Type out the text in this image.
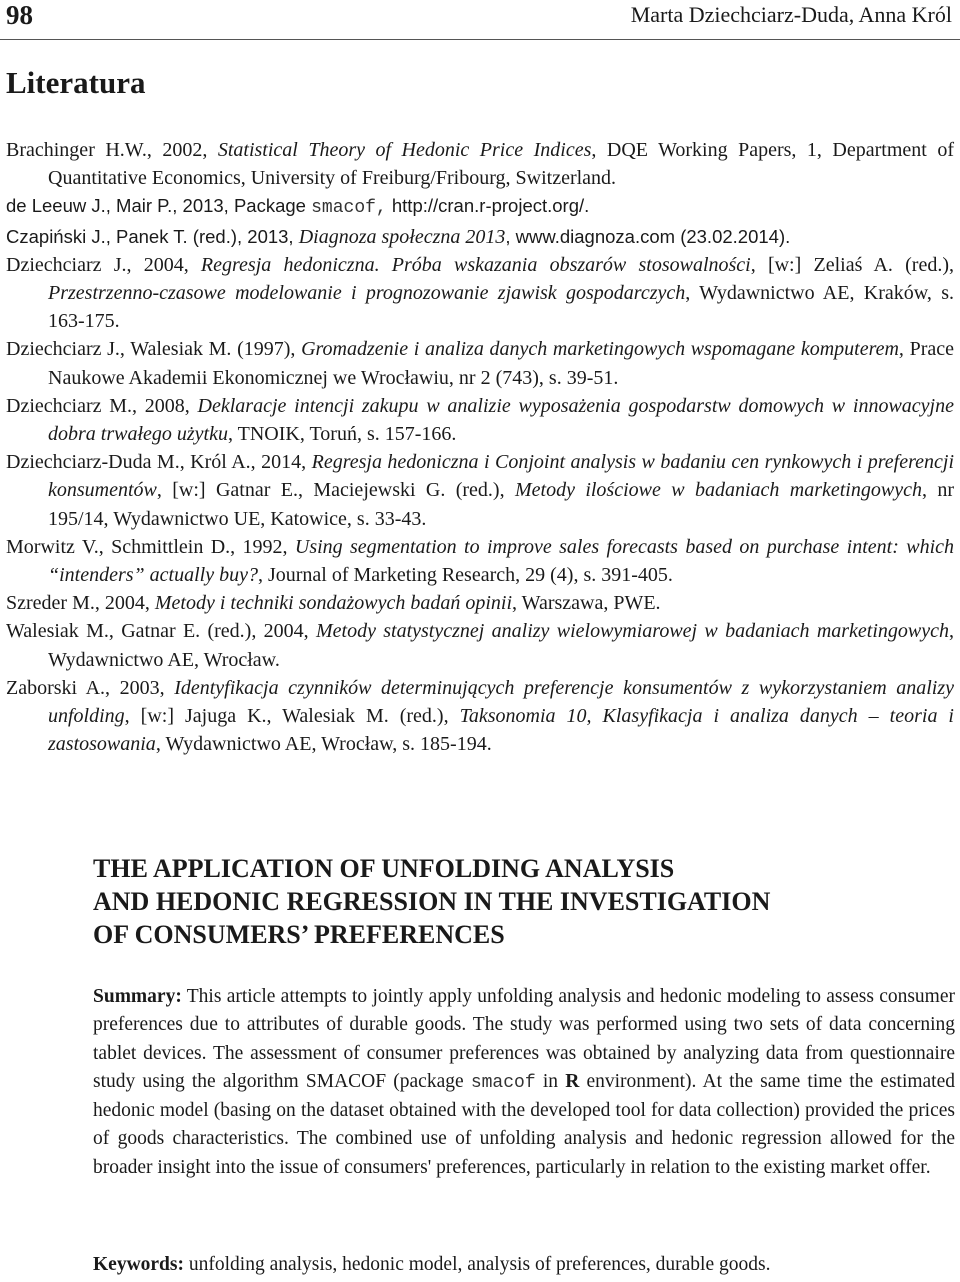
98	Marta Dziechciarz-Duda, Anna Król
Literatura

Brachinger H.W., 2002, Statistical Theory of Hedonic Price Indices, DQE Working Papers, 1, Department of Quantitative Economics, University of Freiburg/Fribourg, Switzerland.

de Leeuw J., Mair P., 2013, Package smacof, http://cran.r-project.org/.

Czapiński J., Panek T. (red.), 2013, Diagnoza społeczna 2013, www.diagnoza.com (23.02.2014).

Dziechciarz J., 2004, Regresja hedoniczna. Próba wskazania obszarów stosowalności, [w:] Zeliaś A. (red.), Przestrzenno-czasowe modelowanie i prognozowanie zjawisk gospodarczych, Wydawnictwo AE, Kraków, s. 163-175.

Dziechciarz J., Walesiak M. (1997), Gromadzenie i analiza danych marketingowych wspomagane komputerem, Prace Naukowe Akademii Ekonomicznej we Wrocławiu, nr 2 (743), s. 39-51.

Dziechciarz M., 2008, Deklaracje intencji zakupu w analizie wyposażenia gospodarstw domowych w innowacyjne dobra trwałego użytku, TNOIK, Toruń, s. 157-166.

Dziechciarz-Duda M., Król A., 2014, Regresja hedoniczna i Conjoint analysis w badaniu cen rynkowych i preferencji konsumentów, [w:] Gatnar E., Maciejewski G. (red.), Metody ilościowe w badaniach marketingowych, nr 195/14, Wydawnictwo UE, Katowice, s. 33-43.

Morwitz V., Schmittlein D., 1992, Using segmentation to improve sales forecasts based on purchase intent: which “intenders” actually buy?, Journal of Marketing Research, 29 (4), s. 391-405.

Szreder M., 2004, Metody i techniki sondażowych badań opinii, Warszawa, PWE.

Walesiak M., Gatnar E. (red.), 2004, Metody statystycznej analizy wielowymiarowej w badaniach marketingowych, Wydawnictwo AE, Wrocław.

Zaborski A., 2003, Identyfikacja czynników determinujących preferencje konsumentów z wykorzystaniem analizy unfolding, [w:] Jajuga K., Walesiak M. (red.), Taksonomia 10, Klasyfikacja i analiza danych – teoria i zastosowania, Wydawnictwo AE, Wrocław, s. 185-194.

THE APPLICATION OF UNFOLDING ANALYSIS
AND HEDONIC REGRESSION IN THE INVESTIGATION
OF CONSUMERS’ PREFERENCES

Summary: This article attempts to jointly apply unfolding analysis and hedonic modeling to assess consumer preferences due to attributes of durable goods. The study was performed using two sets of data concerning tablet devices. The assessment of consumer preferences was obtained by analyzing data from questionnaire study using the algorithm SMACOF (package smacof in R environment). At the same time the estimated hedonic model (basing on the dataset obtained with the developed tool for data collection) provided the prices of goods characteristics. The combined use of unfolding analysis and hedonic regression allowed for the broader insight into the issue of consumers' preferences, particularly in relation to the existing market offer.

Keywords: unfolding analysis, hedonic model, analysis of preferences, durable goods.
